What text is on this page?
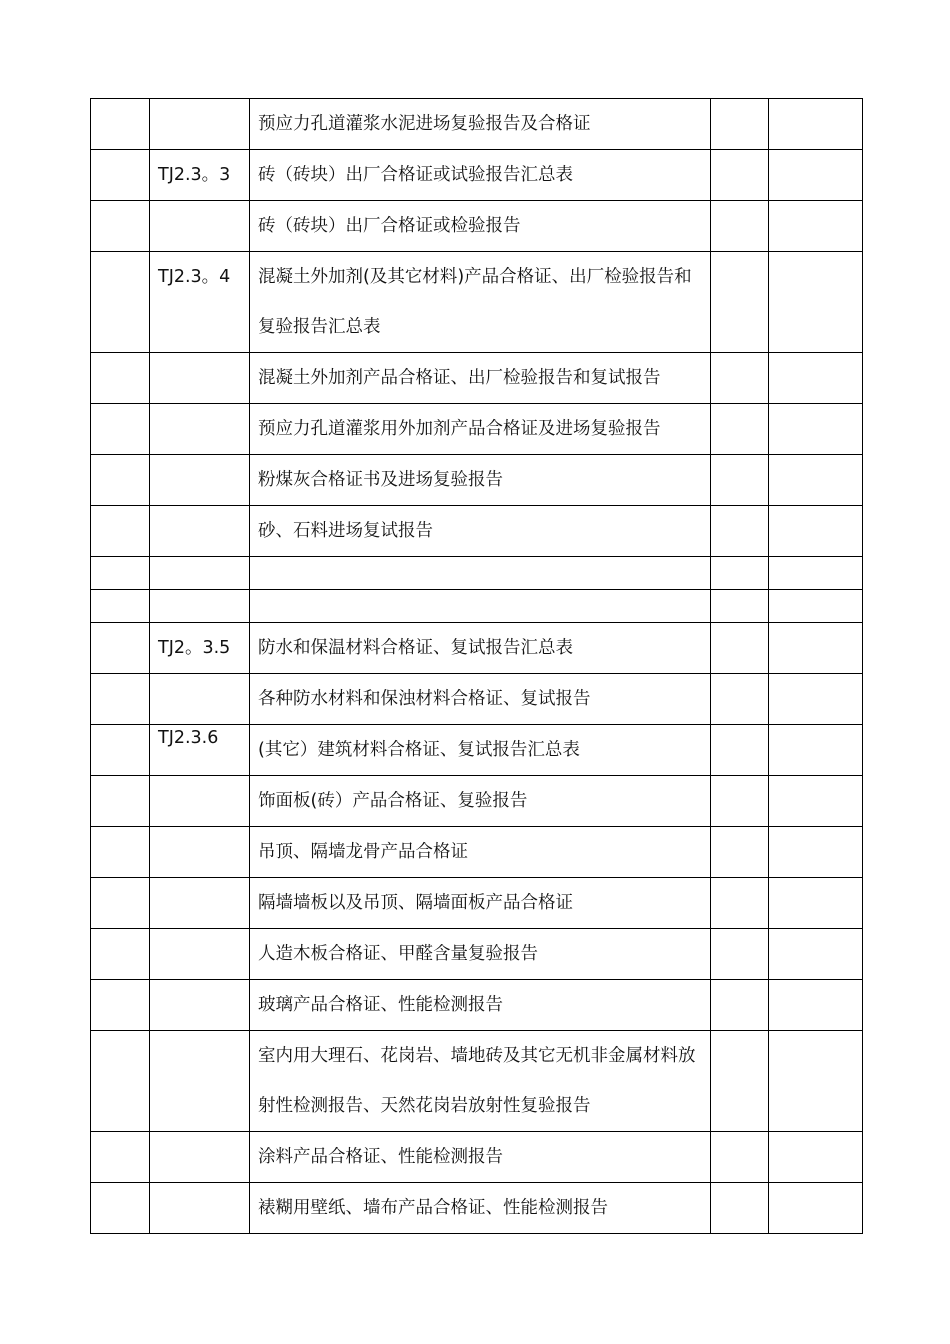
		预应力孔道灌浆水泥进场复验报告及合格证		
	TJ2.3。3	砖（砖块）出厂合格证或试验报告汇总表		
		砖（砖块）出厂合格证或检验报告		
	TJ2.3。4	混凝土外加剂(及其它材料)产品合格证、出厂检验报告和复验报告汇总表		
		混凝土外加剂产品合格证、出厂检验报告和复试报告		
		预应力孔道灌浆用外加剂产品合格证及进场复验报告		
		粉煤灰合格证书及进场复验报告		
		砂、石料进场复试报告		

	TJ2。3.5	防水和保温材料合格证、复试报告汇总表		
		各种防水材料和保浊材料合格证、复试报告		

	TJ2.3.6	(其它）建筑材料合格证、复试报告汇总表		
		饰面板(砖）产品合格证、复验报告		
		吊顶、隔墙龙骨产品合格证		
		隔墙墙板以及吊顶、隔墙面板产品合格证		
		人造木板合格证、甲醛含量复验报告		
		玻璃产品合格证、性能检测报告		
		室内用大理石、花岗岩、墙地砖及其它无机非金属材料放射性检测报告、天然花岗岩放射性复验报告		
		涂料产品合格证、性能检测报告		
		裱糊用壁纸、墙布产品合格证、性能检测报告		
